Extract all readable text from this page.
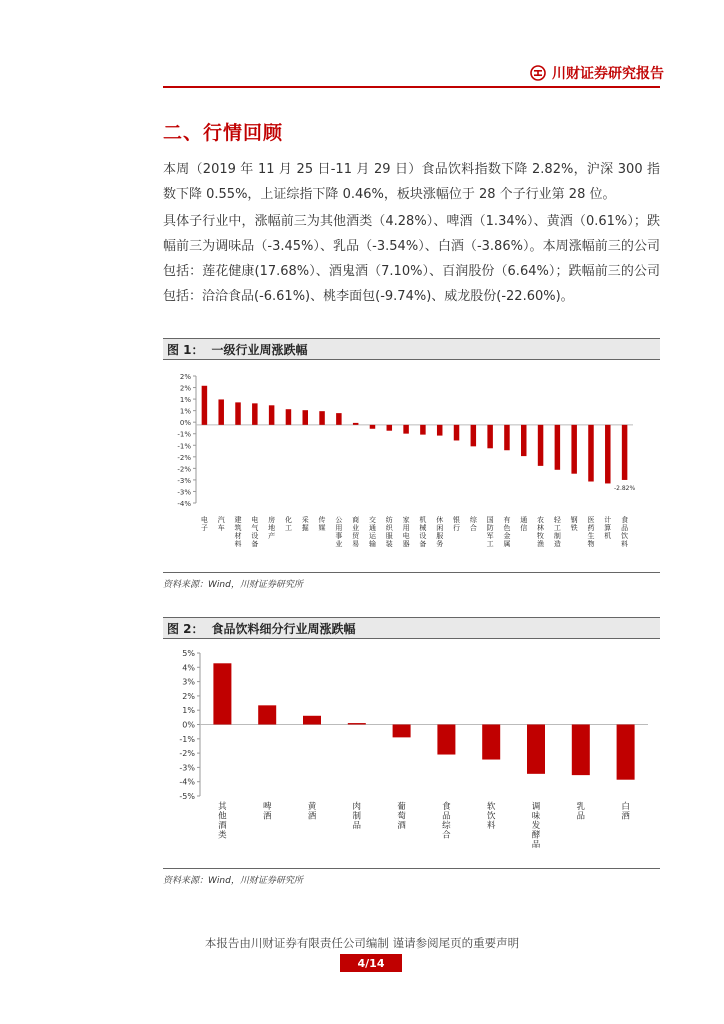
川财证券研究报告
二、行情回顾

本周（2019 年 11 月 25 日-11 月 29 日）食品饮料指数下降 2.82%，沪深 300 指数下降 0.55%，上证综指下降 0.46%，板块涨幅位于 28 个子行业第 28 位。

具体子行业中，涨幅前三为其他酒类（4.28%）、啤酒（1.34%）、黄酒（0.61%）；跌幅前三为调味品（-3.45%）、乳品（-3.54%）、白酒（-3.86%）。本周涨幅前三的公司包括：莲花健康(17.68%）、酒鬼酒（7.10%）、百润股份（6.64%）；跌幅前三的公司包括：洽洽食品(-6.61%)、桃李面包(-9.74%)、威龙股份(-22.60%)。

图 1： 一级行业周涨跌幅
2%
2%
1%
1%
0%
-1%
-1%
-2%
-2%
-3%
-3%
-4%
电子
汽车
建筑材料
电气设备
房地产
化工
采掘
传媒
公用事业
商业贸易
交通运输
纺织服装
家用电器
机械设备
休闲服务
银行
综合
国防军工
有色金属
通信
农林牧渔
轻工制造
钢铁
医药生物
计算机
食品饮料
-2.82%
资料来源：Wind，川财证券研究所
图 2： 食品饮料细分行业周涨跌幅
5%
4%
3%
2%
1%
0%
-1%
-2%
-3%
-4%
-5%
其他酒类
啤酒
黄酒
肉制品
葡萄酒
食品综合
软饮料
调味发酵品
乳品
白酒
资料来源：Wind，川财证券研究所
本报告由川财证券有限责任公司编制 谨请参阅尾页的重要声明
4/14
